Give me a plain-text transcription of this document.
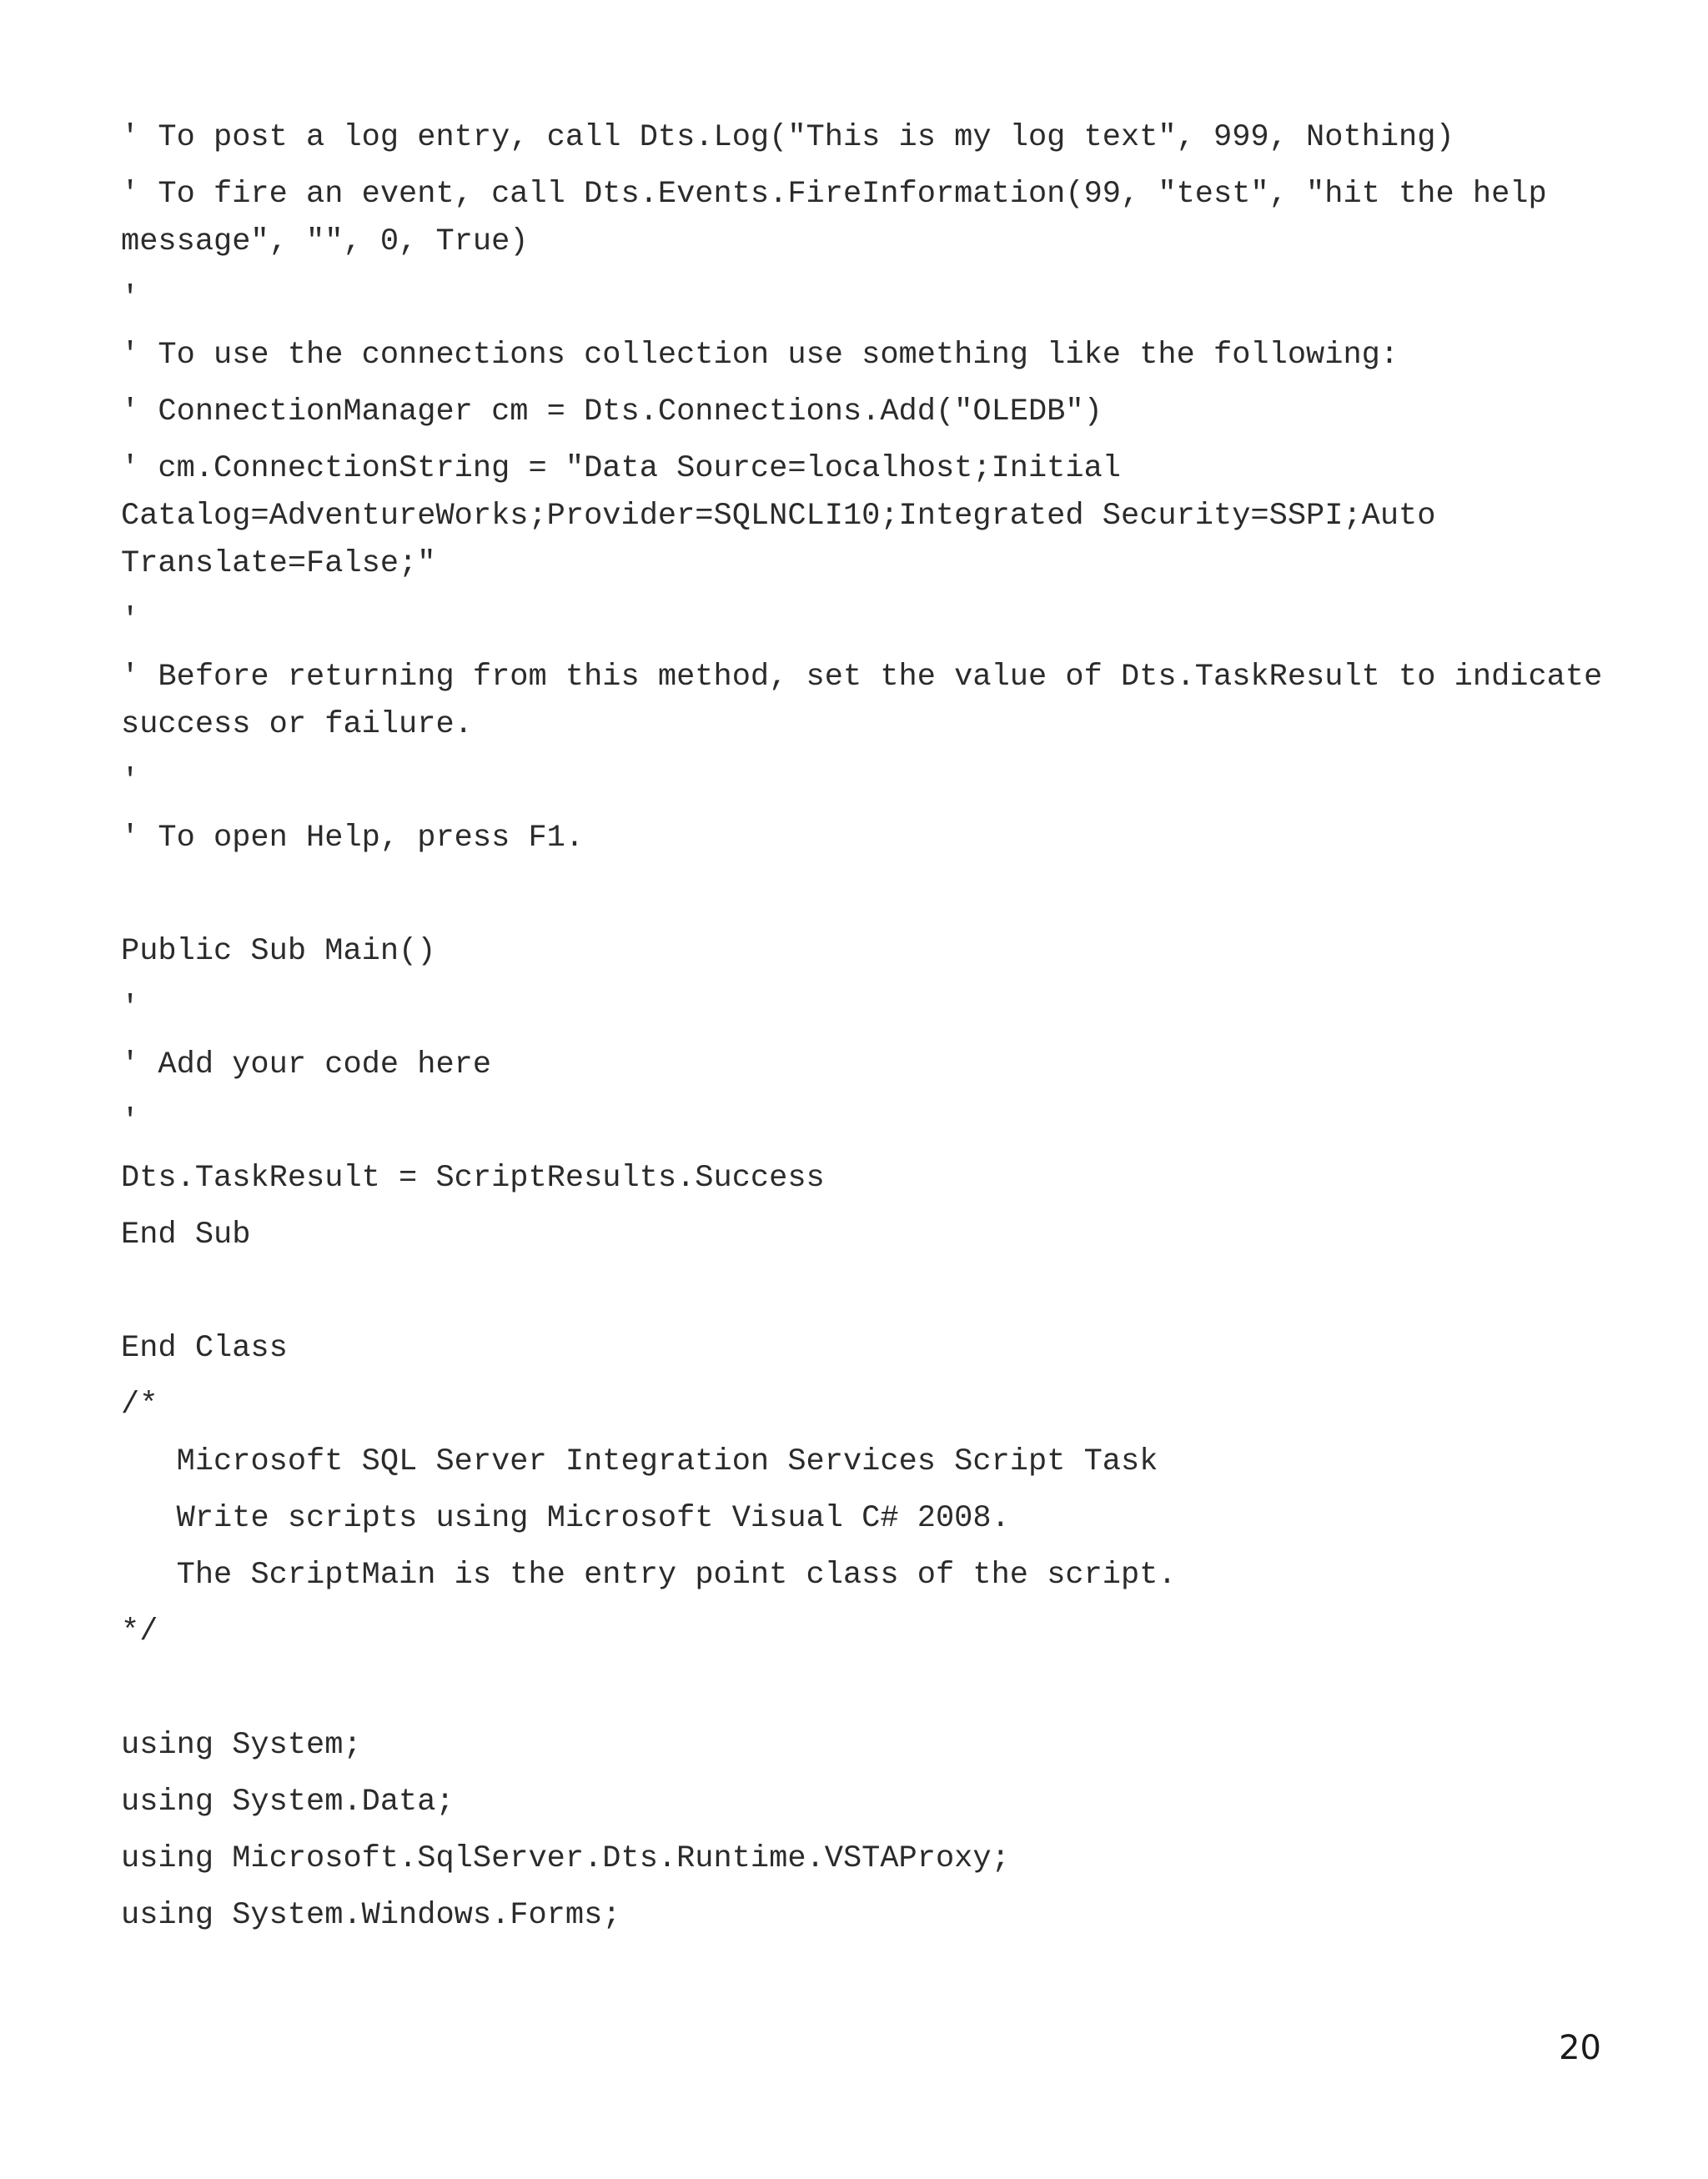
' To post a log entry, call Dts.Log("This is my log text", 999, Nothing)
' To fire an event, call Dts.Events.FireInformation(99, "test", "hit the help message", "", 0, True)
'
' To use the connections collection use something like the following:
' ConnectionManager cm = Dts.Connections.Add("OLEDB")
' cm.ConnectionString = "Data Source=localhost;Initial Catalog=AdventureWorks;Provider=SQLNCLI10;Integrated Security=SSPI;Auto Translate=False;"
'
' Before returning from this method, set the value of Dts.TaskResult to indicate success or failure.
'
' To open Help, press F1.
Public Sub Main()
'
' Add your code here
'
Dts.TaskResult = ScriptResults.Success
End Sub
End Class
/*
Microsoft SQL Server Integration Services Script Task
Write scripts using Microsoft Visual C# 2008.
The ScriptMain is the entry point class of the script.
*/
using System;
using System.Data;
using Microsoft.SqlServer.Dts.Runtime.VSTAProxy;
using System.Windows.Forms;
20
